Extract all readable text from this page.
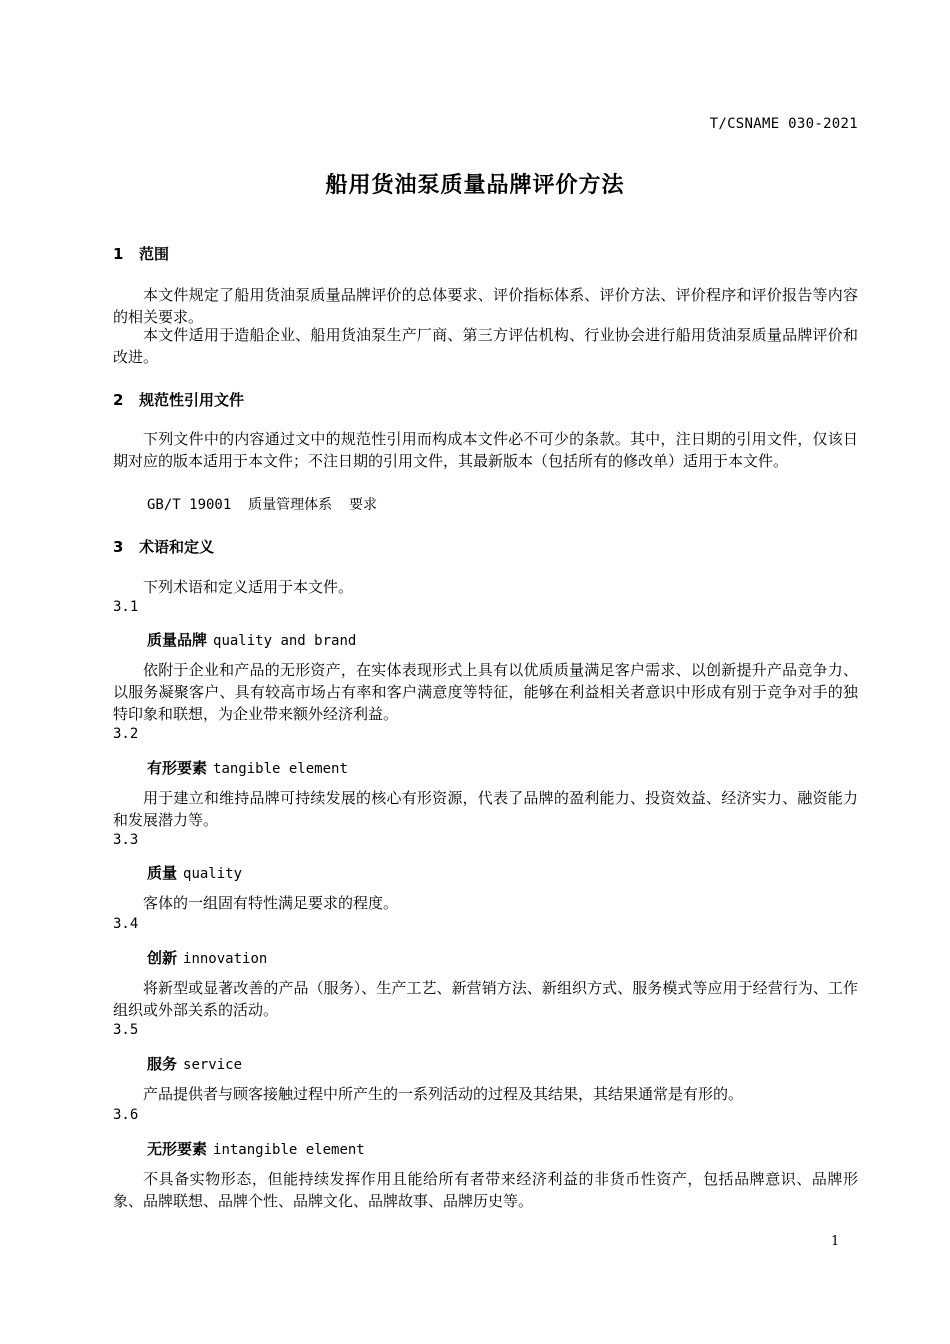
T/CSNAME 030-2021
船用货油泵质量品牌评价方法
1 范围
本文件规定了船用货油泵质量品牌评价的总体要求、评价指标体系、评价方法、评价程序和评价报告等内容的相关要求。
本文件适用于造船企业、船用货油泵生产厂商、第三方评估机构、行业协会进行船用货油泵质量品牌评价和改进。
2 规范性引用文件
下列文件中的内容通过文中的规范性引用而构成本文件必不可少的条款。其中，注日期的引用文件，仅该日期对应的版本适用于本文件；不注日期的引用文件，其最新版本（包括所有的修改单）适用于本文件。
GB/T 19001  质量管理体系  要求
3 术语和定义
下列术语和定义适用于本文件。
3.1
质量品牌 quality and brand
依附于企业和产品的无形资产，在实体表现形式上具有以优质质量满足客户需求、以创新提升产品竞争力、以服务凝聚客户、具有较高市场占有率和客户满意度等特征，能够在利益相关者意识中形成有别于竞争对手的独特印象和联想，为企业带来额外经济利益。
3.2
有形要素 tangible element
用于建立和维持品牌可持续发展的核心有形资源，代表了品牌的盈利能力、投资效益、经济实力、融资能力和发展潜力等。
3.3
质量 quality
客体的一组固有特性满足要求的程度。
3.4
创新 innovation
将新型或显著改善的产品（服务）、生产工艺、新营销方法、新组织方式、服务模式等应用于经营行为、工作组织或外部关系的活动。
3.5
服务 service
产品提供者与顾客接触过程中所产生的一系列活动的过程及其结果，其结果通常是有形的。
3.6
无形要素 intangible element
不具备实物形态，但能持续发挥作用且能给所有者带来经济利益的非货币性资产，包括品牌意识、品牌形象、品牌联想、品牌个性、品牌文化、品牌故事、品牌历史等。
1
